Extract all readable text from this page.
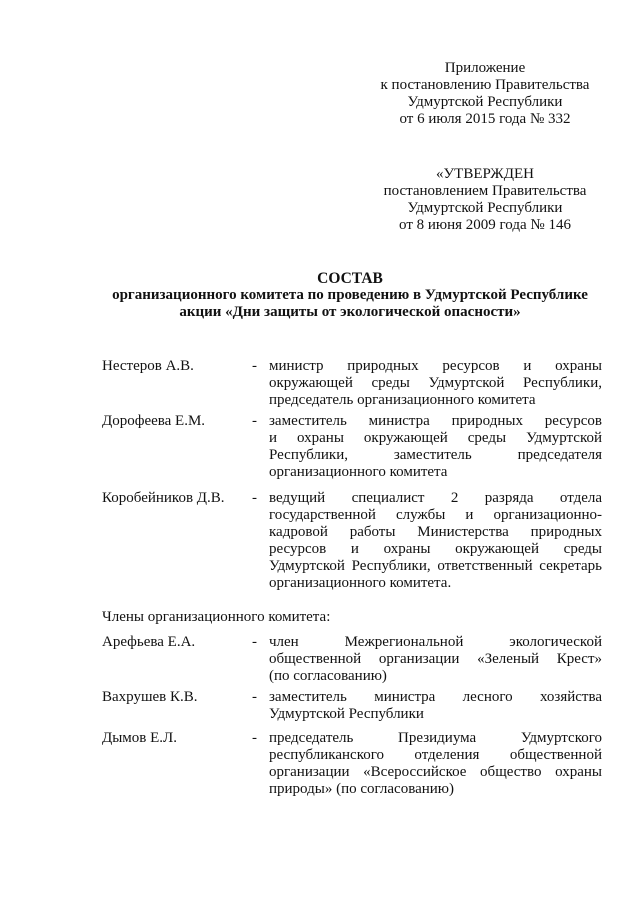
Приложение
к постановлению Правительства
Удмуртской Республики
от 6 июля 2015 года № 332
«УТВЕРЖДЕН
постановлением Правительства
Удмуртской Республики
от 8 июня 2009 года № 146
СОСТАВ
организационного комитета по проведению в Удмуртской Республике
акции «Дни защиты от экологической опасности»
Нестеров А.В.	- министр природных ресурсов и охраны
окружающей среды Удмуртской Республики,
председатель организационного комитета
Дорофеева Е.М.	- заместитель министра природных ресурсов
и охраны окружающей среды Удмуртской
Республики, заместитель председателя
организационного комитета
Коробейников Д.В. - ведущий специалист 2 разряда отдела
государственной службы и организационно-
кадровой работы Министерства природных
ресурсов и охраны окружающей среды
Удмуртской Республики, ответственный секретарь
организационного комитета.
Члены организационного комитета:
Арефьева Е.А.	- член Межрегиональной экологической
общественной организации «Зеленый Крест»
(по согласованию)
Вахрушев К.В.	- заместитель министра лесного хозяйства
Удмуртской Республики
Дымов Е.Л.	- председатель Президиума Удмуртского
республиканского отделения общественной
организации «Всероссийское общество охраны
природы» (по согласованию)
